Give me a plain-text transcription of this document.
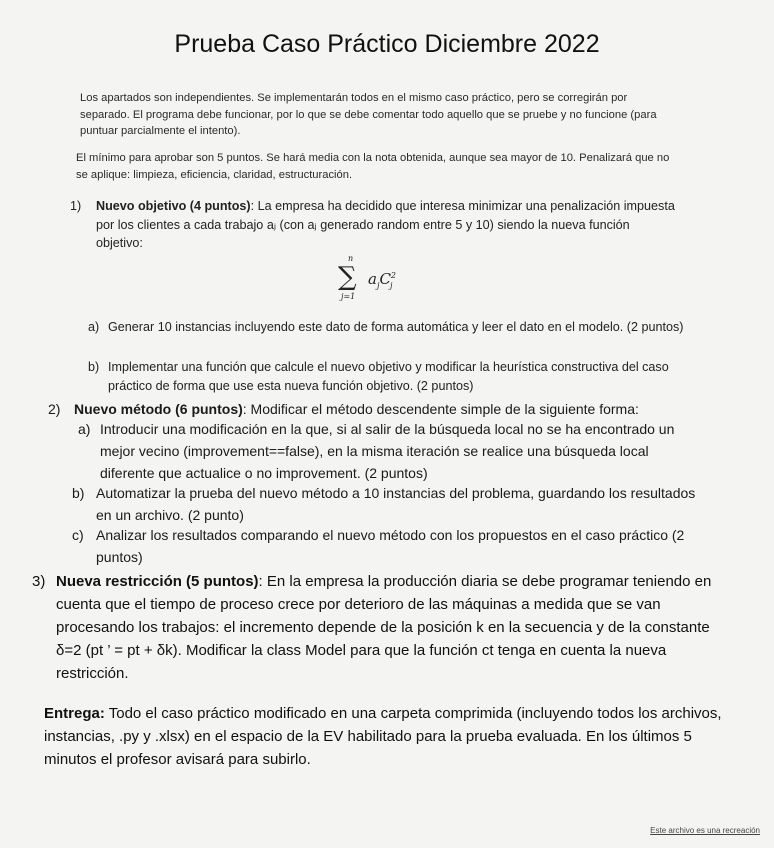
Prueba Caso Práctico Diciembre 2022

Los apartados son independientes. Se implementarán todos en el mismo caso práctico, pero se corregirán por separado. El programa debe funcionar, por lo que se debe comentar todo aquello que se pruebe y no funcione (para puntuar parcialmente el intento).

El mínimo para aprobar son 5 puntos. Se hará media con la nota obtenida, aunque sea mayor de 10. Penalizará que no se aplique: limpieza, eficiencia, claridad, estructuración.

1) Nuevo objetivo (4 puntos): La empresa ha decidido que interesa minimizar una penalización impuesta por los clientes a cada trabajo aⱼ (con aⱼ generado random entre 5 y 10) siendo la nueva función objetivo:

∑
n
j=1
$a_jC^2_j$
a) Generar 10 instancias incluyendo este dato de forma automática y leer el dato en el modelo. (2 puntos)

b) Implementar una función que calcule el nuevo objetivo y modificar la heurística constructiva del caso práctico de forma que use esta nueva función objetivo. (2 puntos)

2) Nuevo método (6 puntos): Modificar el método descendente simple de la siguiente forma:

a) Introducir una modificación en la que, si al salir de la búsqueda local no se ha encontrado un mejor vecino (improvement==false), en la misma iteración se realice una búsqueda local diferente que actualice o no improvement. (2 puntos)

b) Automatizar la prueba del nuevo método a 10 instancias del problema, guardando los resultados en un archivo. (2 punto)

c) Analizar los resultados comparando el nuevo método con los propuestos en el caso práctico (2 puntos)

3) Nueva restricción (5 puntos): En la empresa la producción diaria se debe programar teniendo en cuenta que el tiempo de proceso crece por deterioro de las máquinas a medida que se van procesando los trabajos: el incremento depende de la posición k en la secuencia y de la constante δ=2 (pt ’ = pt + δk). Modificar la class Model para que la función ct tenga en cuenta la nueva restricción.

Entrega: Todo el caso práctico modificado en una carpeta comprimida (incluyendo todos los archivos, instancias, .py y .xlsx) en el espacio de la EV habilitado para la prueba evaluada. En los últimos 5 minutos el profesor avisará para subirlo.

Este archivo es una recreación
